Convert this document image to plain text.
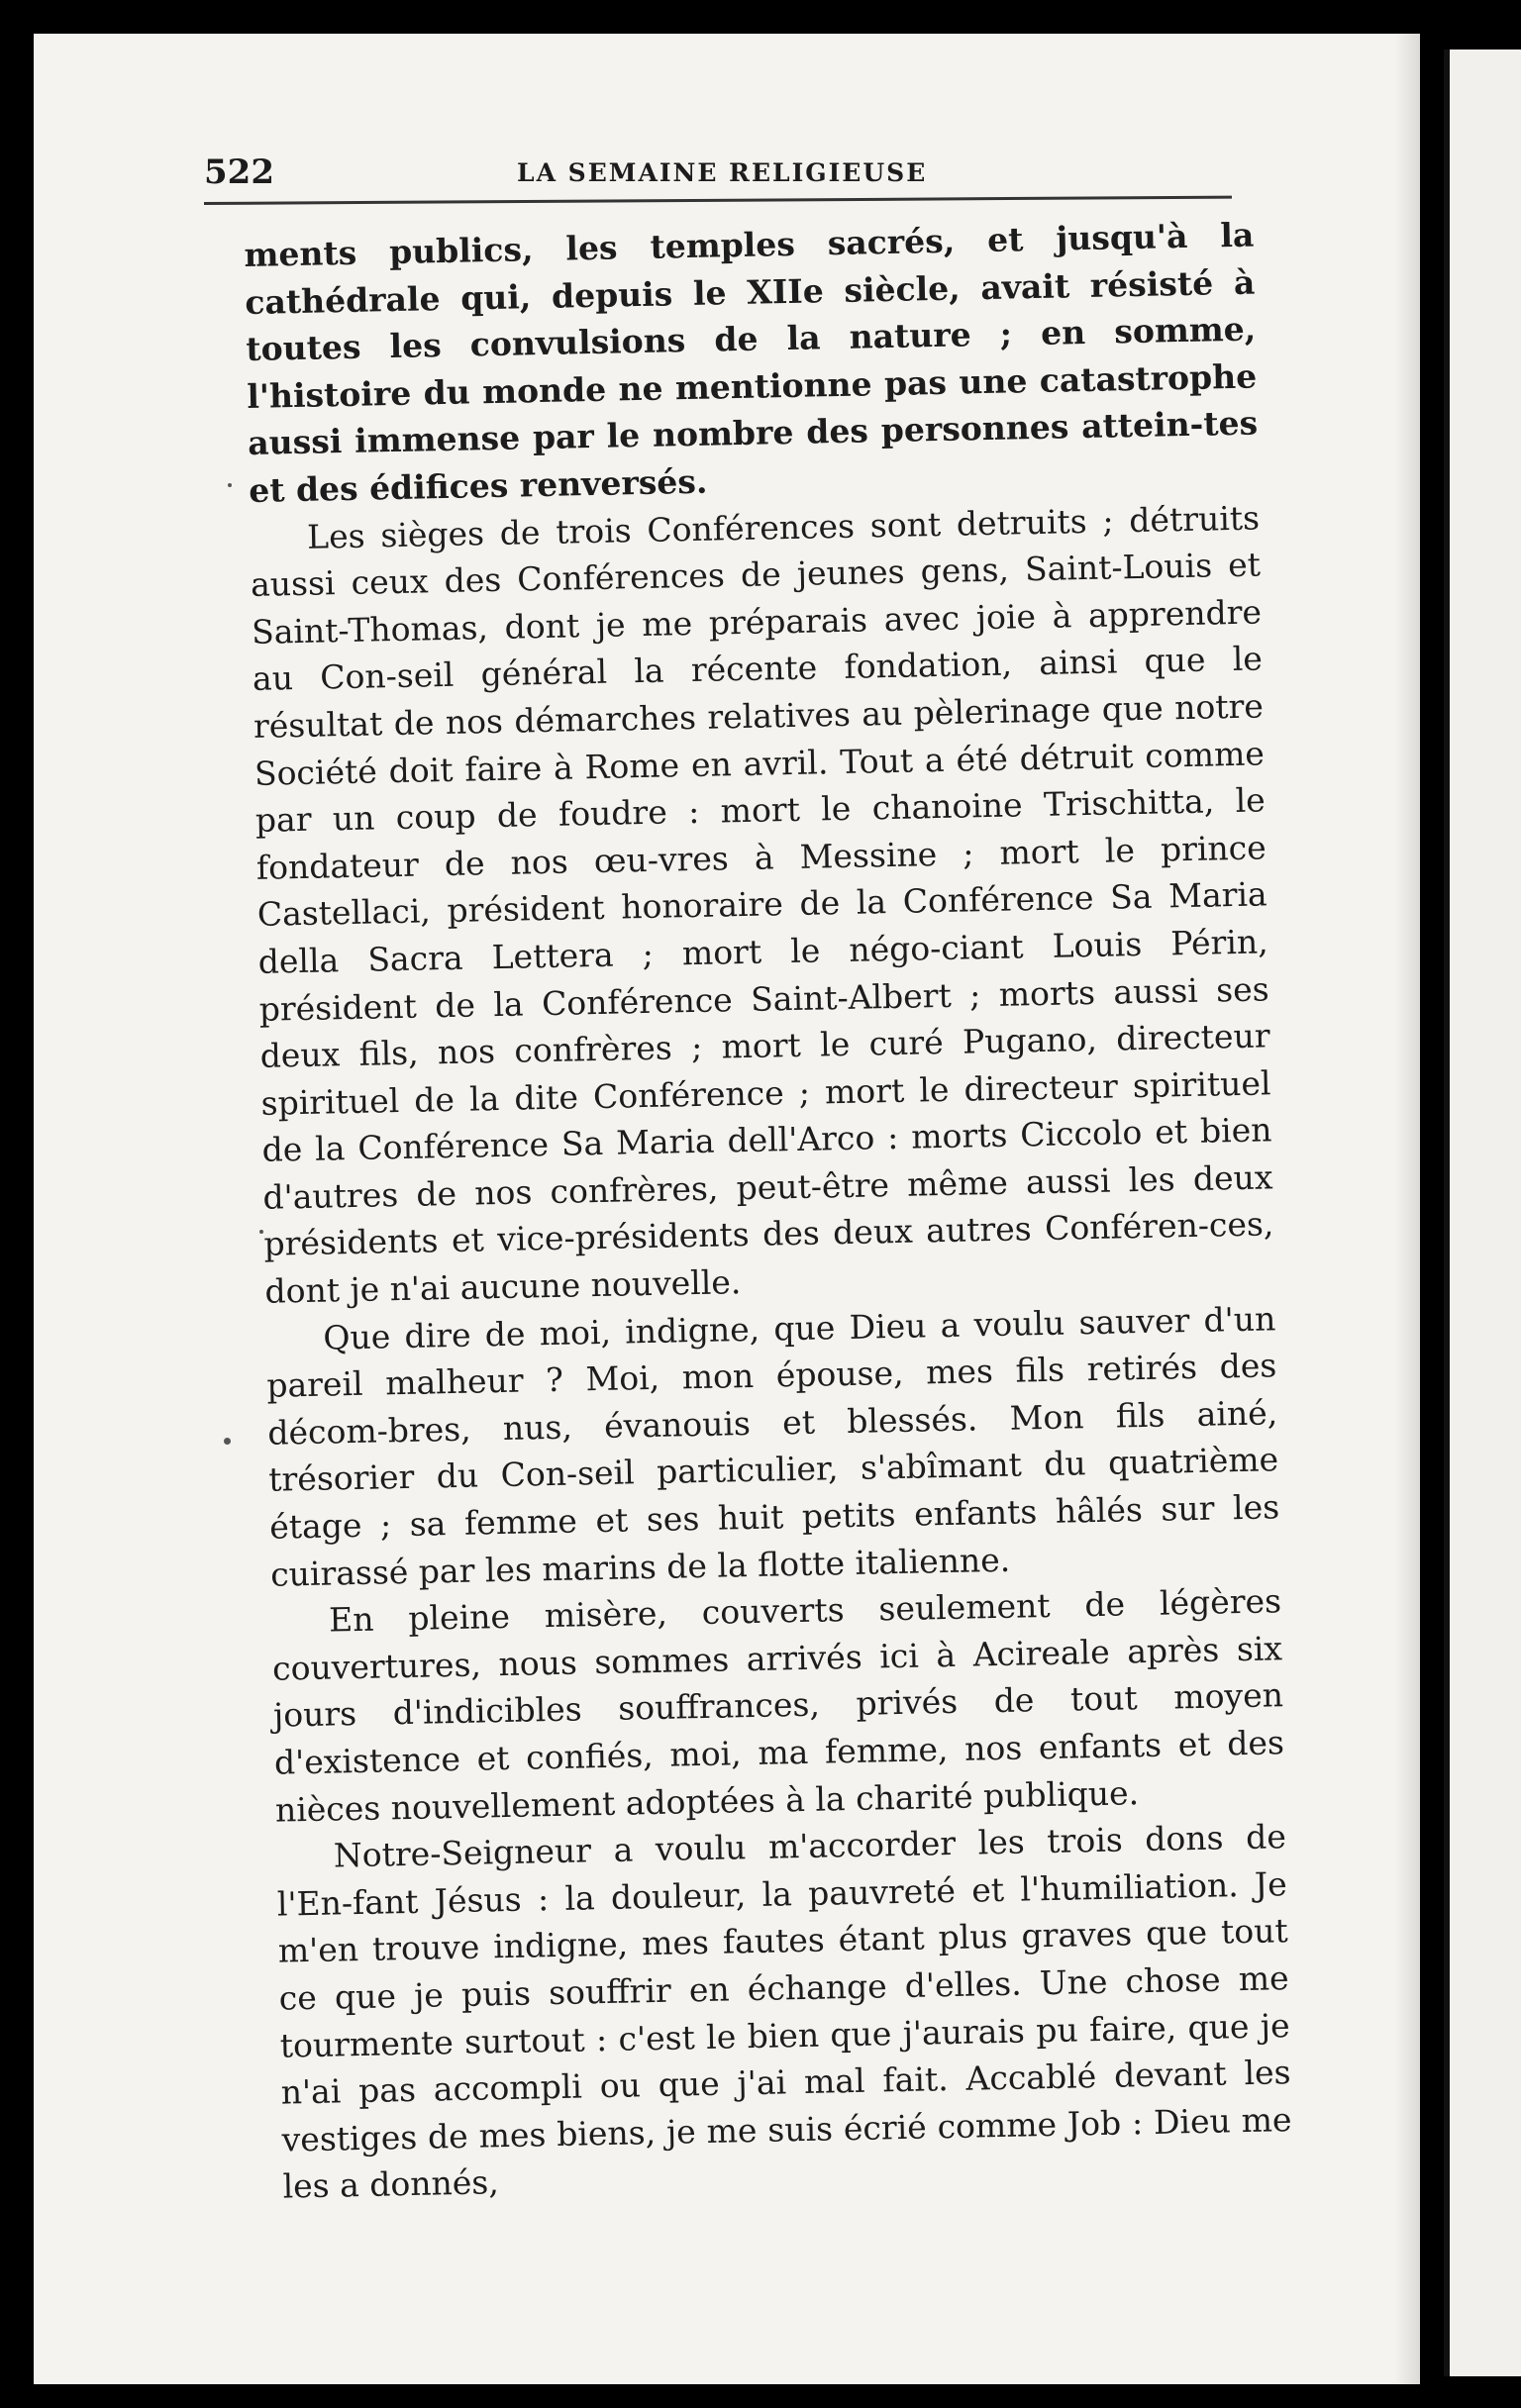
522	LA SEMAINE RELIGIEUSE

ments publics, les temples sacrés, et jusqu'à la cathédrale qui, depuis le XIIe siècle, avait résisté à toutes les convulsions de la nature ; en somme, l'histoire du monde ne mentionne pas une catastrophe aussi immense par le nombre des personnes attein-tes et des édifices renversés.

Les sièges de trois Conférences sont detruits ; détruits aussi ceux des Conférences de jeunes gens, Saint-Louis et Saint-Thomas, dont je me préparais avec joie à apprendre au Con-seil général la récente fondation, ainsi que le résultat de nos démarches relatives au pèlerinage que notre Société doit faire à Rome en avril. Tout a été détruit comme par un coup de foudre : mort le chanoine Trischitta, le fondateur de nos œu-vres à Messine ; mort le prince Castellaci, président honoraire de la Conférence Sa Maria della Sacra Lettera ; mort le négo-ciant Louis Périn, président de la Conférence Saint-Albert ; morts aussi ses deux fils, nos confrères ; mort le curé Pugano, directeur spirituel de la dite Conférence ; mort le directeur spirituel de la Conférence Sa Maria dell'Arco : morts Ciccolo et bien d'autres de nos confrères, peut-être même aussi les deux présidents et vice-présidents des deux autres Conféren-ces, dont je n'ai aucune nouvelle.

Que dire de moi, indigne, que Dieu a voulu sauver d'un pareil malheur ? Moi, mon épouse, mes fils retirés des décom-bres, nus, évanouis et blessés. Mon fils ainé, trésorier du Con-seil particulier, s'abîmant du quatrième étage ; sa femme et ses huit petits enfants hâlés sur les cuirassé par les marins de la flotte italienne.

En pleine misère, couverts seulement de légères couvertures, nous sommes arrivés ici à Acireale après six jours d'indicibles souffrances, privés de tout moyen d'existence et confiés, moi, ma femme, nos enfants et des nièces nouvellement adoptées à la charité publique.

Notre-Seigneur a voulu m'accorder les trois dons de l'En-fant Jésus : la douleur, la pauvreté et l'humiliation. Je m'en trouve indigne, mes fautes étant plus graves que tout ce que je puis souffrir en échange d'elles. Une chose me tourmente surtout : c'est le bien que j'aurais pu faire, que je n'ai pas accompli ou que j'ai mal fait. Accablé devant les vestiges de mes biens, je me suis écrié comme Job : Dieu me les a donnés,
